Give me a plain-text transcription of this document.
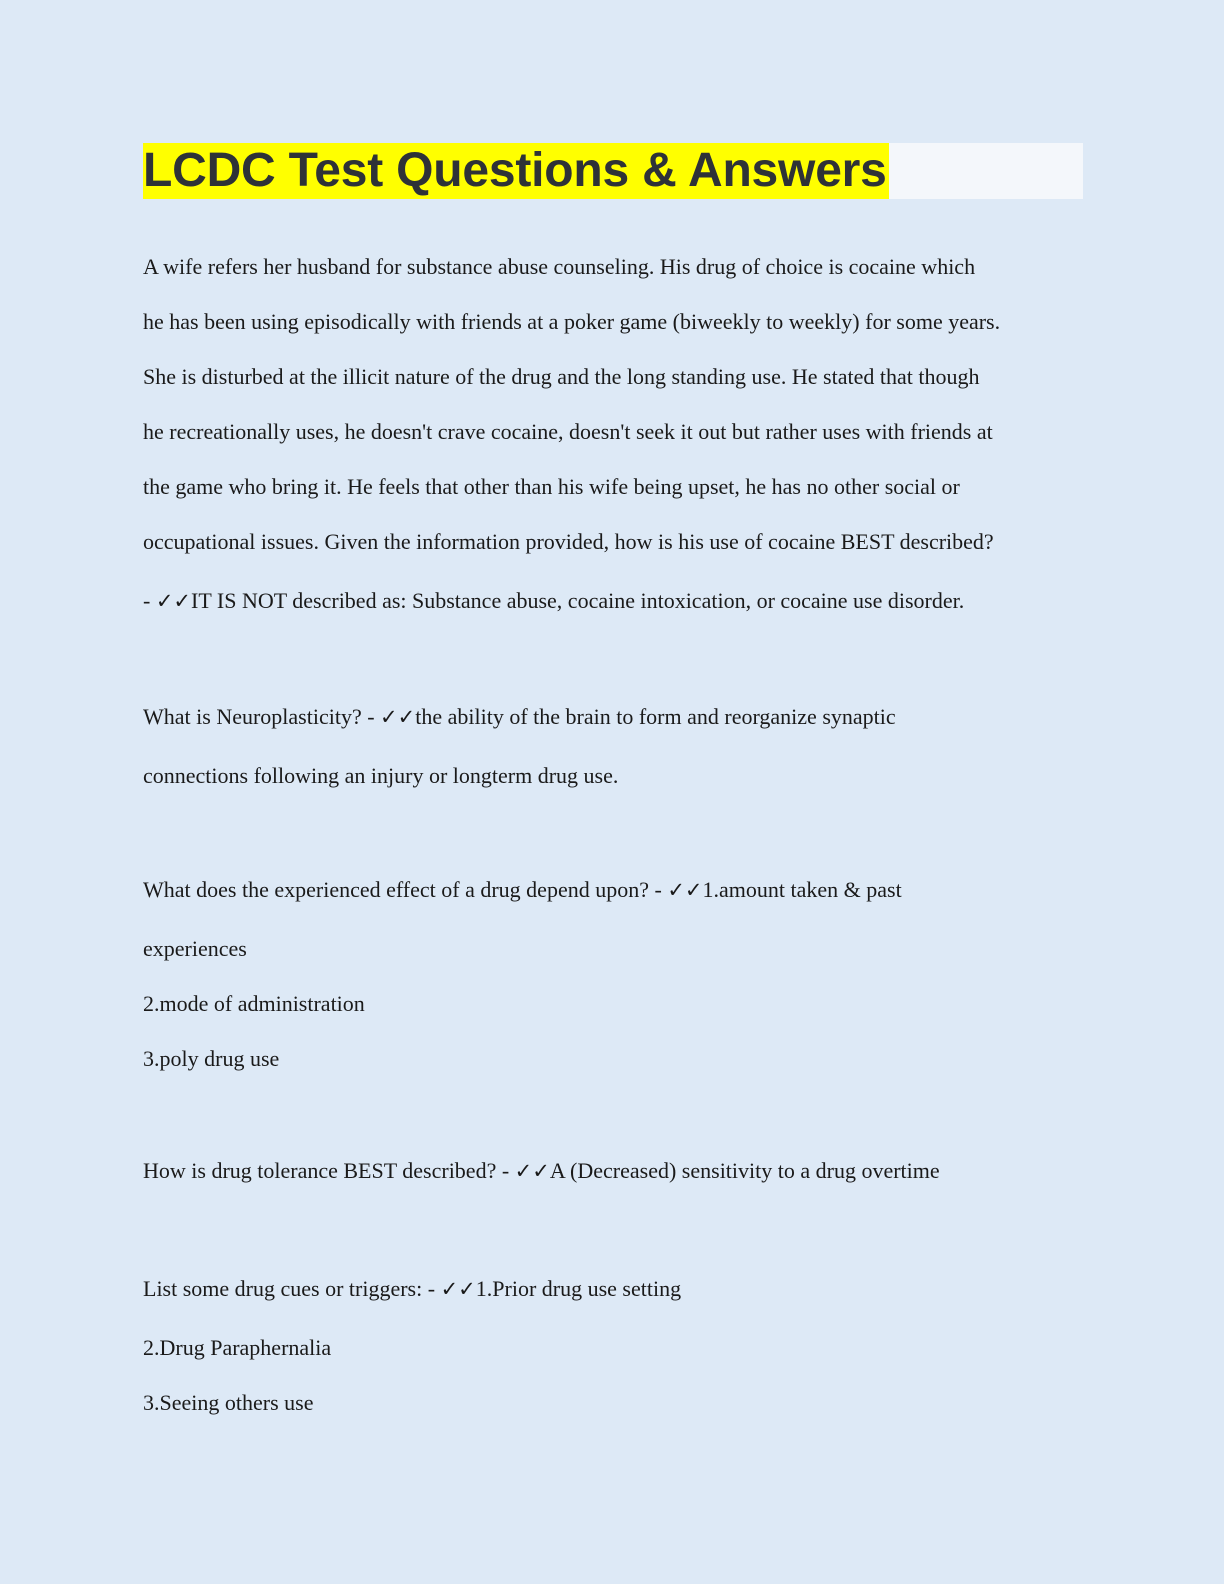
LCDC Test Questions & Answers
A wife refers her husband for substance abuse counseling. His drug of choice is cocaine which
he has been using episodically with friends at a poker game (biweekly to weekly) for some years.
She is disturbed at the illicit nature of the drug and the long standing use. He stated that though
he recreationally uses, he doesn't crave cocaine, doesn't seek it out but rather uses with friends at
the game who bring it. He feels that other than his wife being upset, he has no other social or
occupational issues. Given the information provided, how is his use of cocaine BEST described?
- ✓✓IT IS NOT described as: Substance abuse, cocaine intoxication, or cocaine use disorder.
What is Neuroplasticity? - ✓✓the ability of the brain to form and reorganize synaptic
connections following an injury or longterm drug use.
What does the experienced effect of a drug depend upon? - ✓✓1.amount taken & past
experiences
2.mode of administration
3.poly drug use
How is drug tolerance BEST described? - ✓✓A (Decreased) sensitivity to a drug overtime
List some drug cues or triggers: - ✓✓1.Prior drug use setting
2.Drug Paraphernalia
3.Seeing others use
